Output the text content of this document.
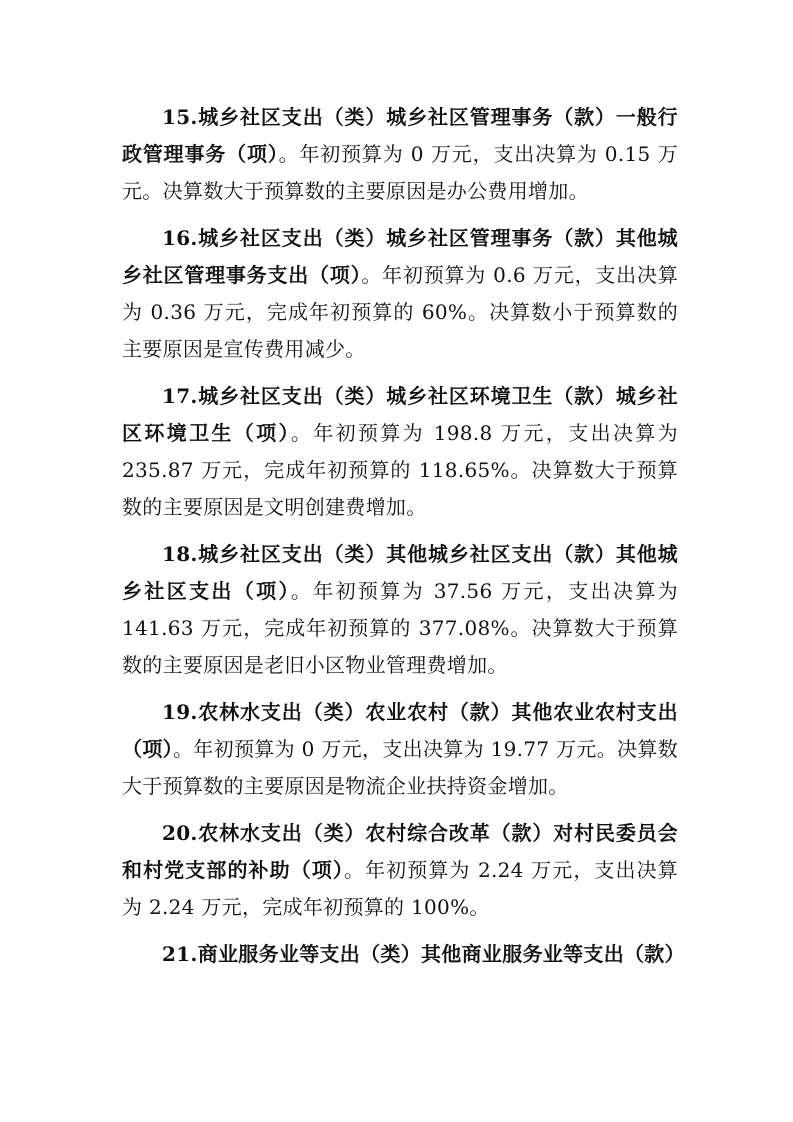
15.城乡社区支出（类）城乡社区管理事务（款）一般行政管理事务（项）。年初预算为 0 万元，支出决算为 0.15 万元。决算数大于预算数的主要原因是办公费用增加。

16.城乡社区支出（类）城乡社区管理事务（款）其他城乡社区管理事务支出（项）。年初预算为 0.6 万元，支出决算为 0.36 万元，完成年初预算的 60%。决算数小于预算数的主要原因是宣传费用减少。

17.城乡社区支出（类）城乡社区环境卫生（款）城乡社区环境卫生（项）。年初预算为 198.8 万元，支出决算为 235.87 万元，完成年初预算的 118.65%。决算数大于预算数的主要原因是文明创建费增加。

18.城乡社区支出（类）其他城乡社区支出（款）其他城乡社区支出（项）。年初预算为 37.56 万元，支出决算为 141.63 万元，完成年初预算的 377.08%。决算数大于预算数的主要原因是老旧小区物业管理费增加。

19.农林水支出（类）农业农村（款）其他农业农村支出（项）。年初预算为 0 万元，支出决算为 19.77 万元。决算数大于预算数的主要原因是物流企业扶持资金增加。

20.农林水支出（类）农村综合改革（款）对村民委员会和村党支部的补助（项）。年初预算为 2.24 万元，支出决算为 2.24 万元，完成年初预算的 100%。

21.商业服务业等支出（类）其他商业服务业等支出（款）
